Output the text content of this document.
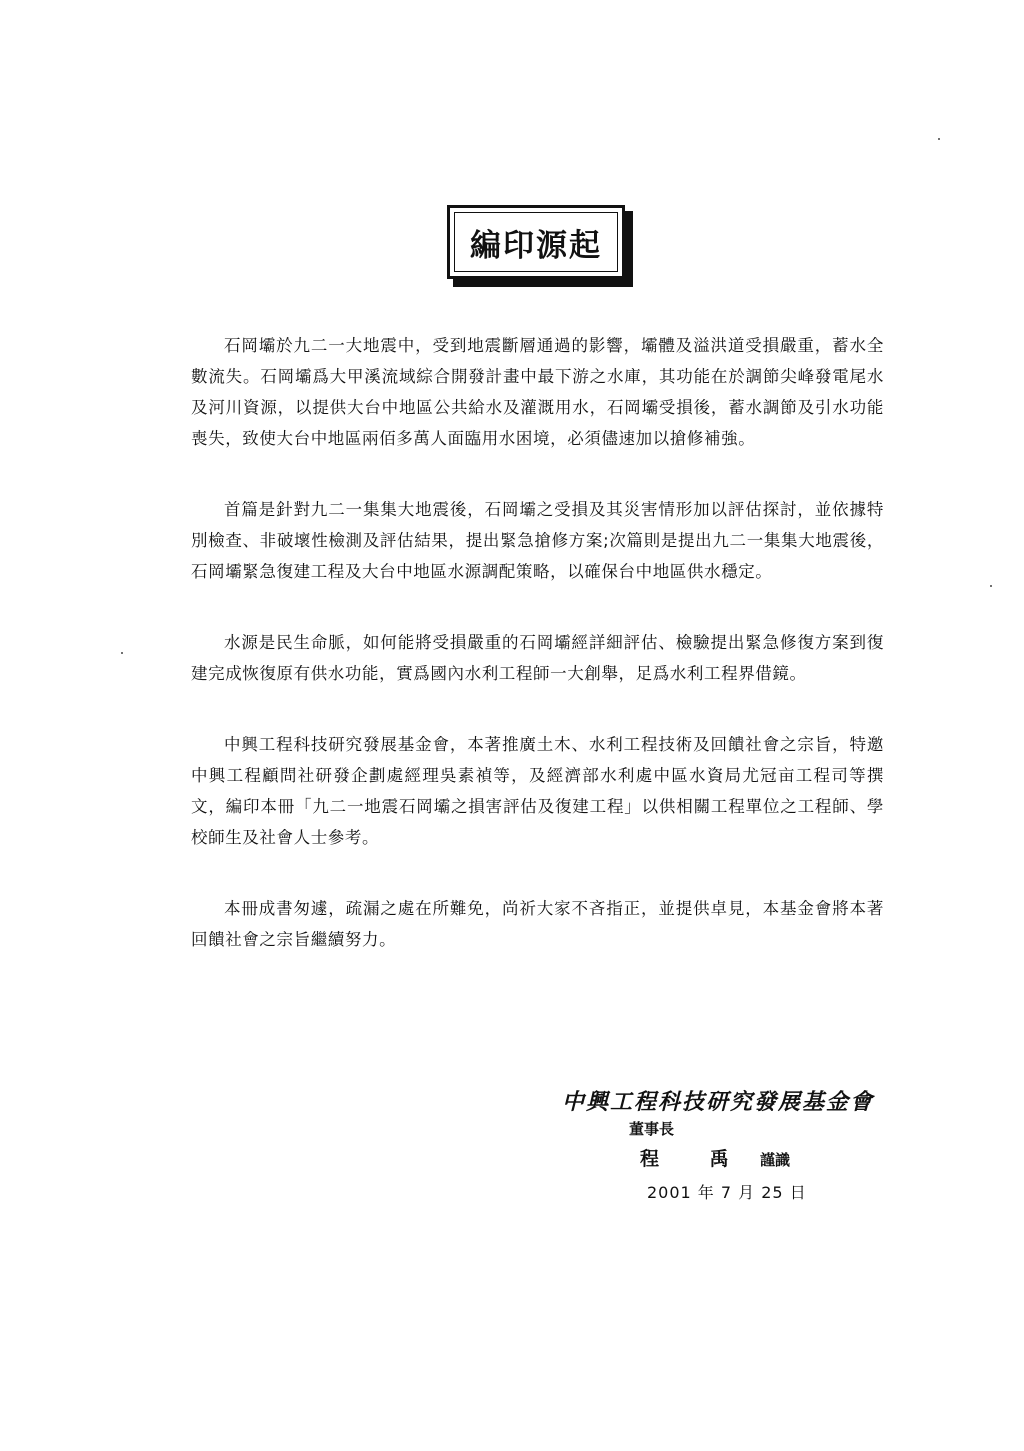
編印源起

石岡壩於九二一大地震中，受到地震斷層通過的影響，壩體及溢洪道受損嚴重，蓄水全數流失。石岡壩爲大甲溪流域綜合開發計畫中最下游之水庫，其功能在於調節尖峰發電尾水及河川資源，以提供大台中地區公共給水及灌溉用水，石岡壩受損後，蓄水調節及引水功能喪失，致使大台中地區兩佰多萬人面臨用水困境，必須儘速加以搶修補強。

首篇是針對九二一集集大地震後，石岡壩之受損及其災害情形加以評估探討，並依據特別檢查、非破壞性檢測及評估結果，提出緊急搶修方案;次篇則是提出九二一集集大地震後，石岡壩緊急復建工程及大台中地區水源調配策略，以確保台中地區供水穩定。

水源是民生命脈，如何能將受損嚴重的石岡壩經詳細評估、檢驗提出緊急修復方案到復建完成恢復原有供水功能，實爲國內水利工程師一大創舉，足爲水利工程界借鏡。

中興工程科技研究發展基金會，本著推廣土木、水利工程技術及回饋社會之宗旨，特邀中興工程顧問社研發企劃處經理吳素禎等，及經濟部水利處中區水資局尤冠亩工程司等撰文，編印本冊「九二一地震石岡壩之損害評估及復建工程」以供相關工程單位之工程師、學校師生及社會人士參考。

本冊成書匆遽，疏漏之處在所難免，尚祈大家不吝指正，並提供卓見，本基金會將本著回饋社會之宗旨繼續努力。

中興工程科技研究發展基金會
董事長
程 禹 謹識
2001 年 7 月 25 日
